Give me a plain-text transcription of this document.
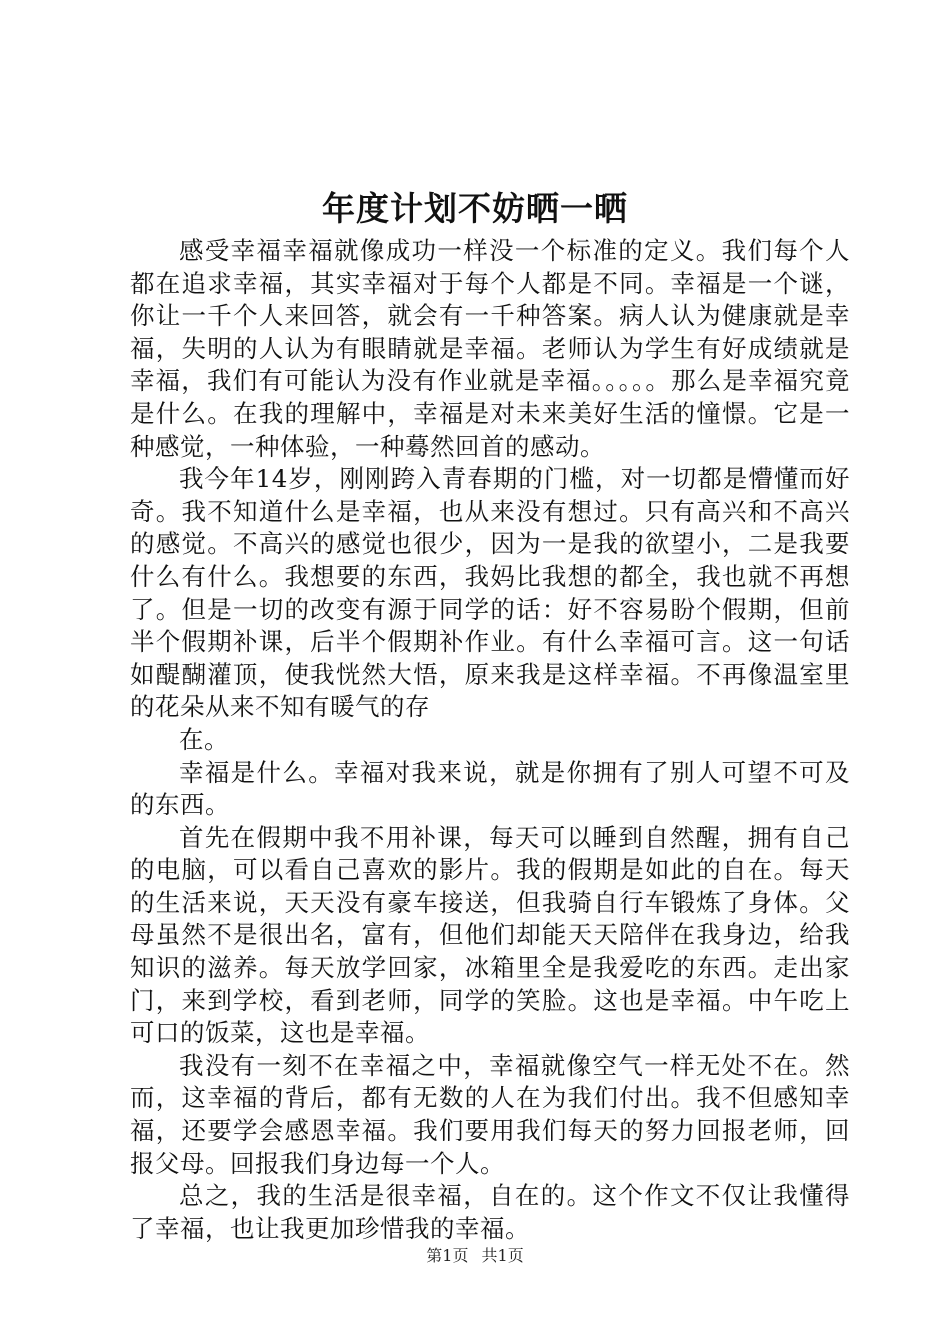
年度计划不妨晒一晒

感受幸福幸福就像成功一样没一个标准的定义。我们每个人都在追求幸福，其实幸福对于每个人都是不同。幸福是一个谜，你让一千个人来回答，就会有一千种答案。病人认为健康就是幸福，失明的人认为有眼睛就是幸福。老师认为学生有好成绩就是幸福，我们有可能认为没有作业就是幸福。。。。。那么是幸福究竟是什么。在我的理解中，幸福是对未来美好生活的憧憬。它是一种感觉，一种体验，一种蓦然回首的感动。

我今年14岁，刚刚跨入青春期的门槛，对一切都是懵懂而好奇。我不知道什么是幸福，也从来没有想过。只有高兴和不高兴的感觉。不高兴的感觉也很少，因为一是我的欲望小，二是我要什么有什么。我想要的东西，我妈比我想的都全，我也就不再想了。但是一切的改变有源于同学的话：好不容易盼个假期，但前半个假期补课，后半个假期补作业。有什么幸福可言。这一句话如醍醐灌顶，使我恍然大悟，原来我是这样幸福。不再像温室里的花朵从来不知有暖气的存

在。

幸福是什么。幸福对我来说，就是你拥有了别人可望不可及的东西。

首先在假期中我不用补课，每天可以睡到自然醒，拥有自己的电脑，可以看自己喜欢的影片。我的假期是如此的自在。每天的生活来说，天天没有豪车接送，但我骑自行车锻炼了身体。父母虽然不是很出名，富有，但他们却能天天陪伴在我身边，给我知识的滋养。每天放学回家，冰箱里全是我爱吃的东西。走出家门，来到学校，看到老师，同学的笑脸。这也是幸福。中午吃上可口的饭菜，这也是幸福。

我没有一刻不在幸福之中，幸福就像空气一样无处不在。然而，这幸福的背后，都有无数的人在为我们付出。我不但感知幸福，还要学会感恩幸福。我们要用我们每天的努力回报老师，回报父母。回报我们身边每一个人。

总之，我的生活是很幸福，自在的。这个作文不仅让我懂得了幸福，也让我更加珍惜我的幸福。

第1页 共1页
